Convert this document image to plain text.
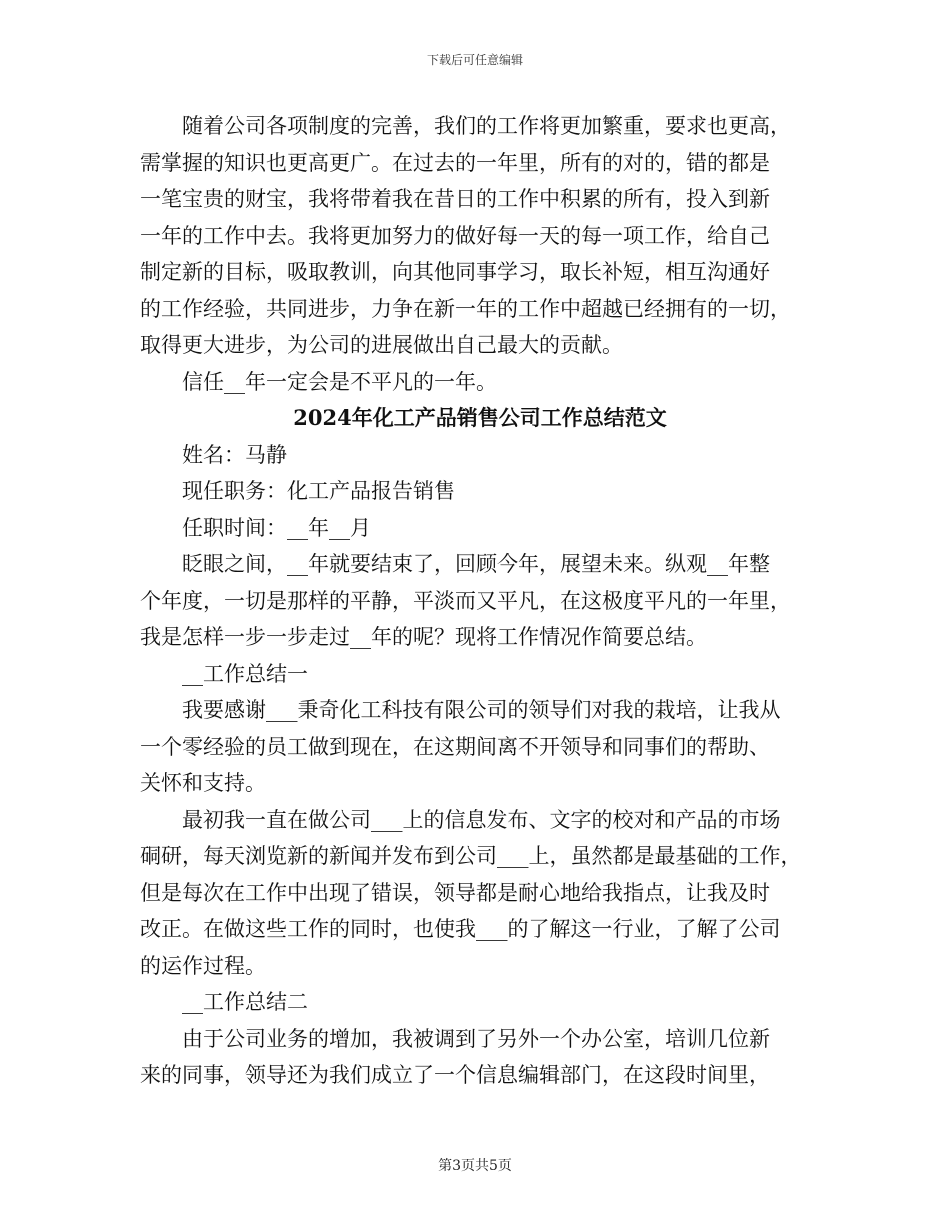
下载后可任意编辑
随着公司各项制度的完善，我们的工作将更加繁重，要求也更高，
需掌握的知识也更高更广。在过去的一年里，所有的对的，错的都是
一笔宝贵的财宝，我将带着我在昔日的工作中积累的所有，投入到新
一年的工作中去。我将更加努力的做好每一天的每一项工作，给自己
制定新的目标，吸取教训，向其他同事学习，取长补短，相互沟通好
的工作经验，共同进步，力争在新一年的工作中超越已经拥有的一切，
取得更大进步，为公司的进展做出自己最大的贡献。
信任__年一定会是不平凡的一年。
2024年化工产品销售公司工作总结范文
姓名：马静
现任职务：化工产品报告销售
任职时间：__年__月
眨眼之间，__年就要结束了，回顾今年，展望未来。纵观__年整
个年度，一切是那样的平静，平淡而又平凡，在这极度平凡的一年里，
我是怎样一步一步走过__年的呢？现将工作情况作简要总结。
__工作总结一
我要感谢___秉奇化工科技有限公司的领导们对我的栽培，让我从
一个零经验的员工做到现在，在这期间离不开领导和同事们的帮助、
关怀和支持。
最初我一直在做公司___上的信息发布、文字的校对和产品的市场
硐研，每天浏览新的新闻并发布到公司___上，虽然都是最基础的工作，
但是每次在工作中出现了错误，领导都是耐心地给我指点，让我及时
改正。在做这些工作的同时，也使我___的了解这一行业，了解了公司
的运作过程。
__工作总结二
由于公司业务的增加，我被调到了另外一个办公室，培训几位新
来的同事，领导还为我们成立了一个信息编辑部门，在这段时间里，
第3页共5页
